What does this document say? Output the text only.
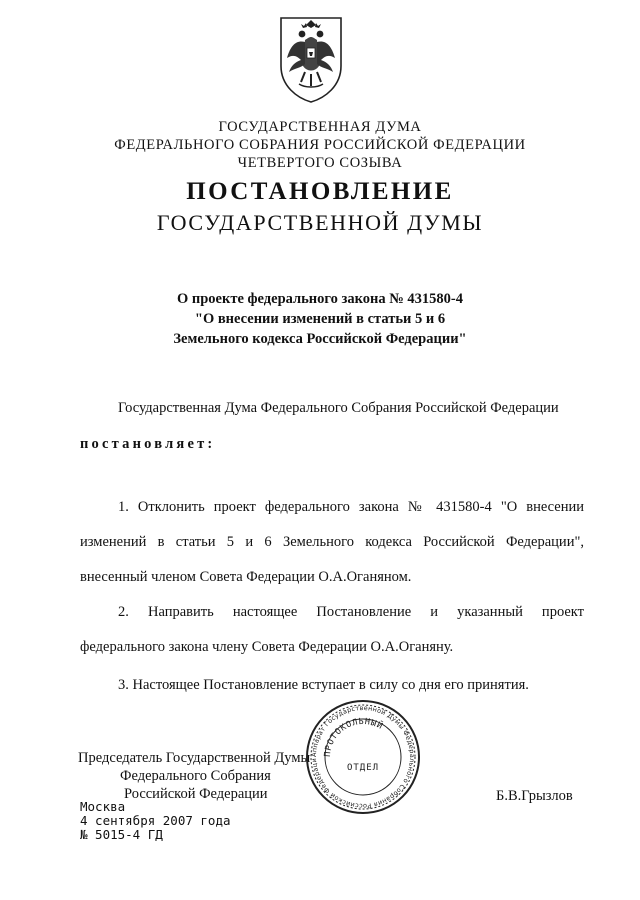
ГОСУДАРСТВЕННАЯ ДУМА
ФЕДЕРАЛЬНОГО СОБРАНИЯ РОССИЙСКОЙ ФЕДЕРАЦИИ
ЧЕТВЕРТОГО СОЗЫВА
ПОСТАНОВЛЕНИЕ
ГОСУДАРСТВЕННОЙ ДУМЫ
О проекте федерального закона № 431580-4
"О внесении изменений в статьи 5 и 6
Земельного кодекса Российской Федерации"
Государственная Дума Федерального Собрания Российской Федерации
постановляет:
1. Отклонить проект федерального закона № 431580-4 "О внесении
изменений в статьи 5 и 6 Земельного кодекса Российской Федерации",
внесенный членом Совета Федерации О.А.Оганяном.
2. Направить настоящее Постановление и указанный проект
федерального закона члену Совета Федерации О.А.Оганяну.
3. Настоящее Постановление вступает в силу со дня его принятия.
Председатель Государственной Думы
Федерального Собрания
Российской Федерации	Б.В.Грызлов
Аппарат Государственной Думы Федерального Собрания Российской Федераци
ПРОТОКОЛЬНЫЙ
ОТДЕЛ
Москва
4 сентября 2007 года
№ 5015-4 ГД
